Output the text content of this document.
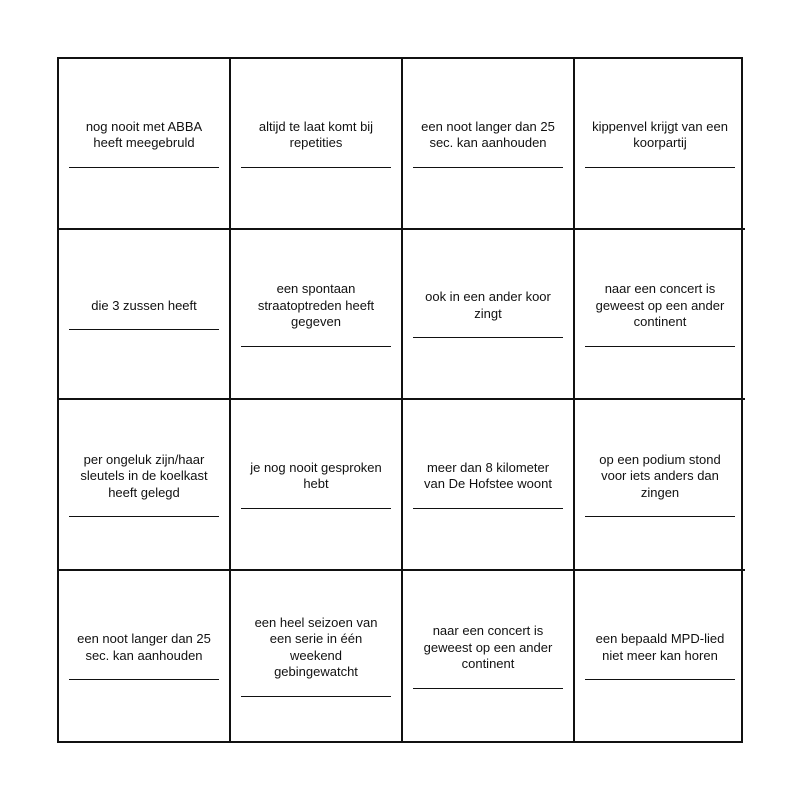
nog nooit met ABBA
heeft meegebruld
altijd te laat komt bij
repetities
een noot langer dan 25
sec. kan aanhouden
kippenvel krijgt van een
koorpartij
die 3 zussen heeft
een spontaan
straatoptreden heeft
gegeven
ook in een ander koor
zingt
naar een concert is
geweest op een ander
continent
per ongeluk zijn/haar
sleutels in de koelkast
heeft gelegd
je nog nooit gesproken
hebt
meer dan 8 kilometer
van De Hofstee woont
op een podium stond
voor iets anders dan
zingen
een noot langer dan 25
sec. kan aanhouden
een heel seizoen van
een serie in één
weekend gebingewatcht
naar een concert is
geweest op een ander
continent
een bepaald MPD-lied
niet meer kan horen
